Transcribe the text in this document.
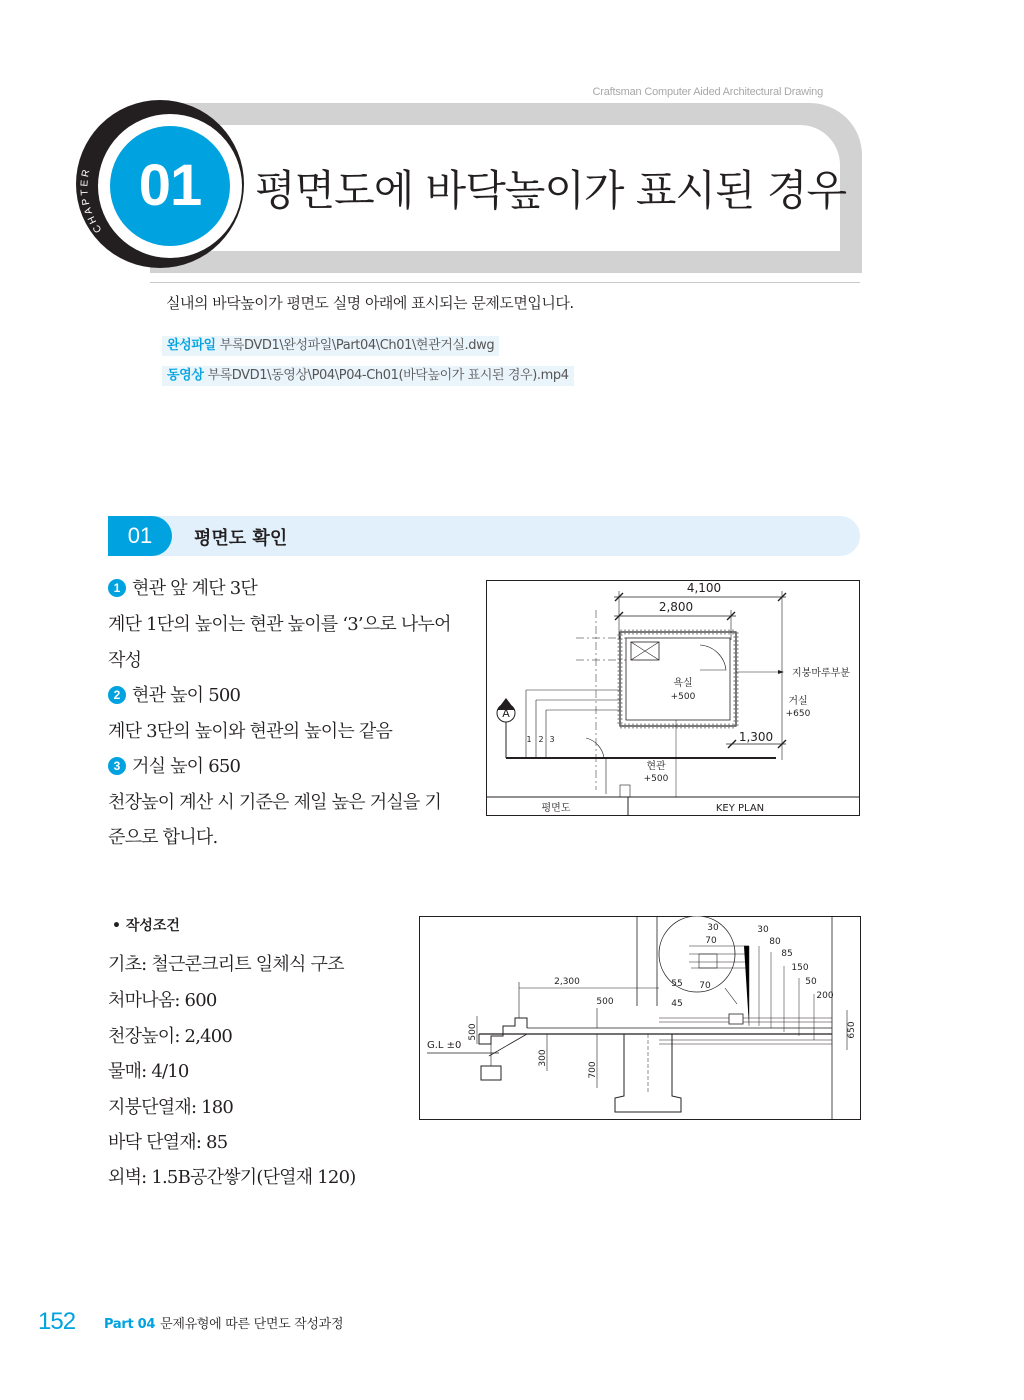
Craftsman Computer Aided Architectural Drawing
01
CHAPTER	평면도에 바닥높이가 표시된 경우
실내의 바닥높이가 평면도 실명 아래에 표시되는 문제도면입니다.
완성파일 부록DVD1\완성파일\Part04\Ch01\현관거실.dwg
동영상 부록DVD1\동영상\P04\P04-Ch01(바닥높이가 표시된 경우).mp4
01	평면도 확인
1 현관 앞 계단 3단
계단 1단의 높이는 현관 높이를 ‘3’으로 나누어
작성
2 현관 높이 500
계단 3단의 높이와 현관의 높이는 같음
3 거실 높이 650
천장높이 계산 시 기준은 제일 높은 거실을 기
준으로 합니다.
4,100
2,800
1,300
욕실
+500	거실
+650
현관
+500
지붕마루부분
A
1 2 3
평면도	KEY PLAN
• 작성조건
기초: 철근콘크리트 일체식 구조
처마나옴: 600
천장높이: 2,400
물매: 4/10
지붕단열재: 180
바닥 단열재: 85
외벽: 1.5B공간쌓기(단열재 120)
G.L ±0
2,300
500
500
300
700
650
30
70
30
80
85
150
50
200
55 70
45
152 Part 04 문제유형에 따른 단면도 작성과정
